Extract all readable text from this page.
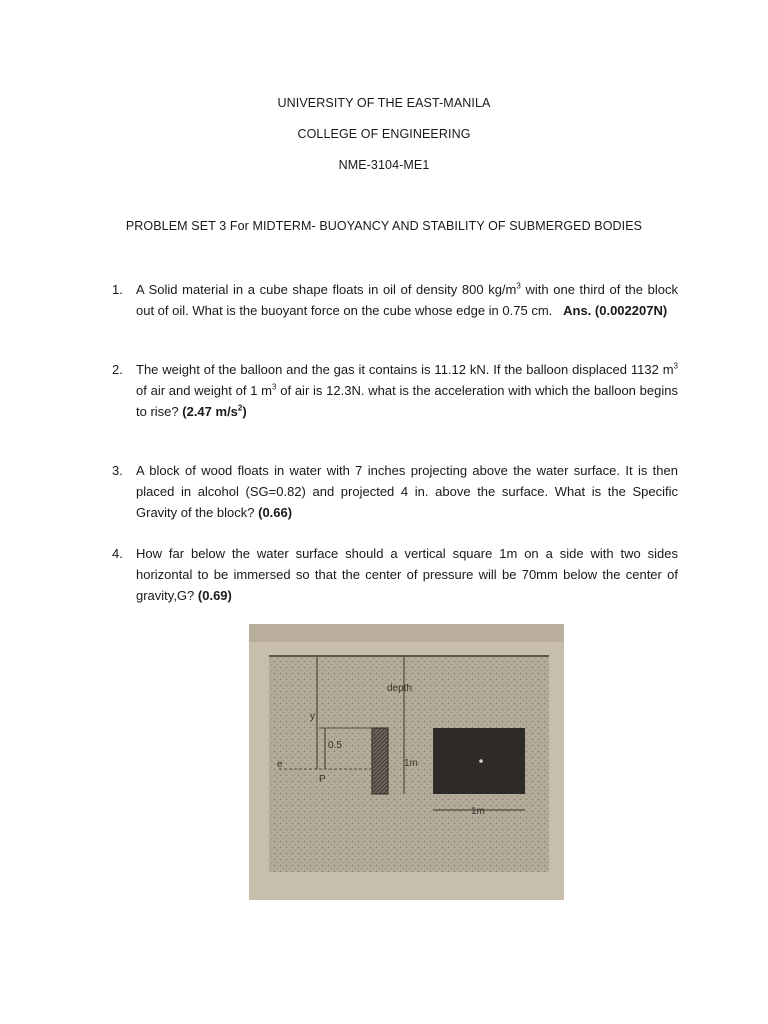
UNIVERSITY OF THE EAST-MANILA
COLLEGE OF ENGINEERING
NME-3104-ME1
PROBLEM SET 3 For MIDTERM- BUOYANCY AND STABILITY OF SUBMERGED BODIES
1.	A Solid material in a cube shape floats in oil of density 800 $kg/m^3$ with one third of the block out of oil. What is the buoyant force on the cube whose edge in 0.75 cm. Ans. (0.002207N)
2.	The weight of the balloon and the gas it contains is 11.12 kN. If the balloon displaced 1132 $m^3$ of air and weight of 1 $m^3$ of air is 12.3N. what is the acceleration with which the balloon begins to rise? (2.47 $m/s^2$)
3.	A block of wood floats in water with 7 inches projecting above the water surface. It is then placed in alcohol (SG=0.82) and projected 4 in. above the surface. What is the Specific Gravity of the block? (0.66)
4.	How far below the water surface should a vertical square 1m on a side with two sides horizontal to be immersed so that the center of pressure will be 70mm below the center of gravity,G? (0.69)
y
0.5
depth
1m
e
P
1m
